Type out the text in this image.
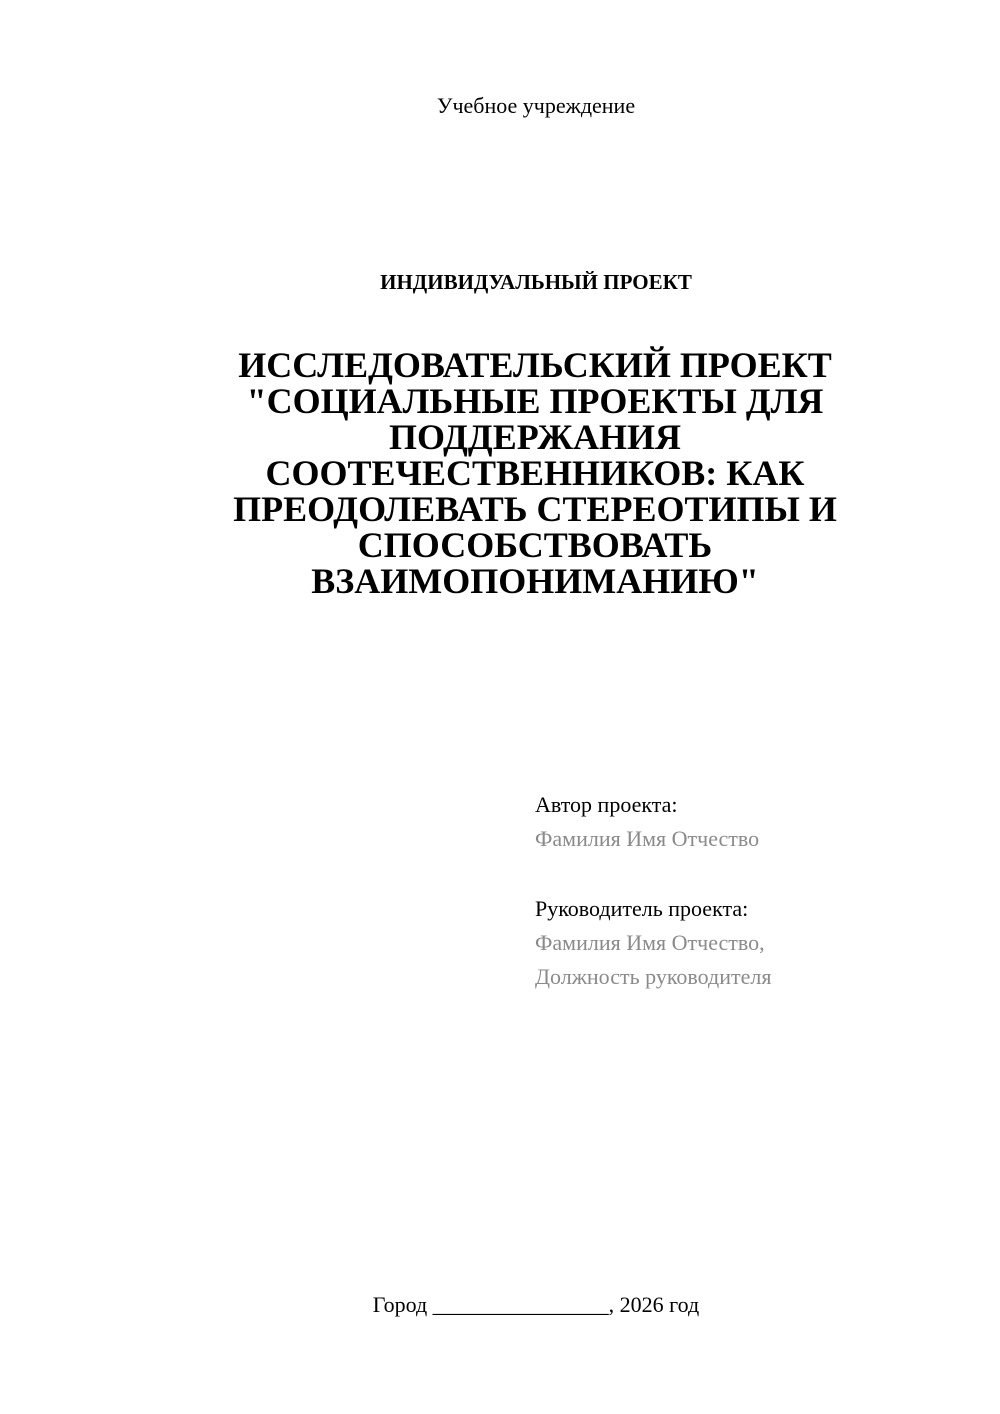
Учебное учреждение
ИНДИВИДУАЛЬНЫЙ ПРОЕКТ
ИССЛЕДОВАТЕЛЬСКИЙ ПРОЕКТ
"СОЦИАЛЬНЫЕ ПРОЕКТЫ ДЛЯ
ПОДДЕРЖАНИЯ
СООТЕЧЕСТВЕННИКОВ: КАК
ПРЕОДОЛЕВАТЬ СТЕРЕОТИПЫ И
СПОСОБСТВОВАТЬ
ВЗАИМОПОНИМАНИЮ"
Автор проекта:
Фамилия Имя Отчество
Руководитель проекта:
Фамилия Имя Отчество,
Должность руководителя
Город ________________, 2026 год
